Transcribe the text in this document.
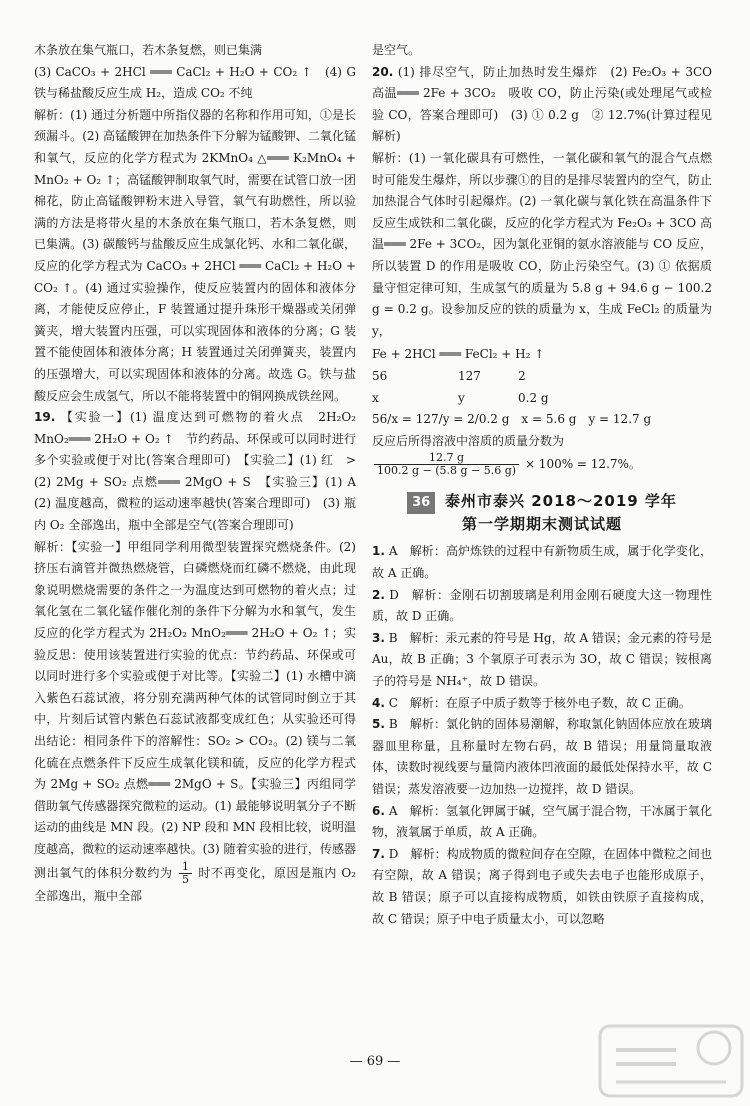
木条放在集气瓶口，若木条复燃，则已集满

(3) CaCO₃ + 2HCl ═══ CaCl₂ + H₂O + CO₂ ↑　(4) G 铁与稀盐酸反应生成 H₂，造成 CO₂ 不纯

解析：(1) 通过分析题中所指仪器的名称和作用可知，①是长颈漏斗。(2) 高锰酸钾在加热条件下分解为锰酸钾、二氧化锰和氧气，反应的化学方程式为 2KMnO₄ △═══ K₂MnO₄ + MnO₂ + O₂ ↑；高锰酸钾制取氧气时，需要在试管口放一团棉花，防止高锰酸钾粉末进入导管，氧气有助燃性，所以验满的方法是将带火星的木条放在集气瓶口，若木条复燃，则已集满。(3) 碳酸钙与盐酸反应生成氯化钙、水和二氧化碳，反应的化学方程式为 CaCO₃ + 2HCl ═══ CaCl₂ + H₂O + CO₂ ↑。(4) 通过实验操作，使反应装置内的固体和液体分离，才能使反应停止，F 装置通过提升珠形干燥器或关闭弹簧夹，增大装置内压强，可以实现固体和液体的分离；G 装置不能使固体和液体分离；H 装置通过关闭弹簧夹，装置内的压强增大，可以实现固体和液体的分离。故选 G。铁与盐酸反应会生成氢气，所以不能将装置中的铜网换成铁丝网。

19. 【实验一】(1) 温度达到可燃物的着火点　2H₂O₂ MnO₂═══ 2H₂O + O₂ ↑　节约药品、环保或可以同时进行多个实验或便于对比(答案合理即可)　【实验二】(1) 红　>　(2) 2Mg + SO₂ 点燃═══ 2MgO + S　【实验三】(1) A　(2) 温度越高，微粒的运动速率越快(答案合理即可)　(3) 瓶内 O₂ 全部逸出，瓶中全部是空气(答案合理即可)

解析：【实验一】甲组同学利用微型装置探究燃烧条件。(2) 挤压右滴管并微热燃烧管，白磷燃烧而红磷不燃烧，由此现象说明燃烧需要的条件之一为温度达到可燃物的着火点；过氧化氢在二氧化锰作催化剂的条件下分解为水和氧气，发生反应的化学方程式为 2H₂O₂ MnO₂═══ 2H₂O + O₂ ↑；实验反思：使用该装置进行实验的优点：节约药品、环保或可以同时进行多个实验或便于对比等。【实验二】(1) 水槽中滴入紫色石蕊试液，将分别充满两种气体的试管同时倒立于其中，片刻后试管内紫色石蕊试液都变成红色；从实验还可得出结论：相同条件下的溶解性：SO₂ > CO₂。(2) 镁与二氧化硫在点燃条件下反应生成氧化镁和硫，反应的化学方程式为 2Mg + SO₂ 点燃═══ 2MgO + S。【实验三】丙组同学借助氧气传感器探究微粒的运动。(1) 最能够说明氧分子不断运动的曲线是 MN 段。(2) NP 段和 MN 段相比较，说明温度越高，微粒的运动速率越快。(3) 随着实验的进行，传感器测出氧气的体积分数约为 $\frac{1}{5}$ 时不再变化，原因是瓶内 O₂ 全部逸出，瓶中全部

是空气。

20. (1) 排尽空气，防止加热时发生爆炸　(2) Fe₂O₃ + 3CO 高温═══ 2Fe + 3CO₂　吸收 CO，防止污染(或处理尾气或检验 CO，答案合理即可)　(3) ① 0.2 g　② 12.7%(计算过程见解析)

解析：(1) 一氧化碳具有可燃性，一氧化碳和氧气的混合气点燃时可能发生爆炸，所以步骤①的目的是排尽装置内的空气，防止加热混合气体时引起爆炸。(2) 一氧化碳与氧化铁在高温条件下反应生成铁和二氧化碳，反应的化学方程式为 Fe₂O₃ + 3CO 高温═══ 2Fe + 3CO₂，因为氯化亚铜的氨水溶液能与 CO 反应，所以装置 D 的作用是吸收 CO，防止污染空气。(3) ① 依据质量守恒定律可知，生成氢气的质量为 5.8 g + 94.6 g − 100.2 g = 0.2 g。设参加反应的铁的质量为 x，生成 FeCl₂ 的质量为 y，

Fe + 2HCl ═══ FeCl₂ + H₂ ↑
56	127	2
x	y	0.2 g

56/x = 127/y = 2/0.2 g　x = 5.6 g　y = 12.7 g

反应后所得溶液中溶质的质量分数为

$\frac{12.7 g}{100.2 g - (5.8 g - 5.6 g)} \times 100\% = 12.7\%$。

36 泰州市泰兴 2018～2019 学年
第一学期期末测试试题

1. A　解析：高炉炼铁的过程中有新物质生成，属于化学变化，故 A 正确。

2. D　解析：金刚石切割玻璃是利用金刚石硬度大这一物理性质，故 D 正确。

3. B　解析：汞元素的符号是 Hg，故 A 错误；金元素的符号是 Au，故 B 正确；3 个氧原子可表示为 3O，故 C 错误；铵根离子的符号是 NH₄⁺，故 D 错误。

4. C　解析：在原子中质子数等于核外电子数，故 C 正确。

5. B　解析：氯化钠的固体易潮解，称取氯化钠固体应放在玻璃器皿里称量，且称量时左物右码，故 B 错误；用量筒量取液体，读数时视线要与量筒内液体凹液面的最低处保持水平，故 C 错误；蒸发溶液要一边加热一边搅拌，故 D 错误。

6. A　解析：氢氧化钾属于碱，空气属于混合物，干冰属于氧化物，液氧属于单质，故 A 正确。

7. D　解析：构成物质的微粒间存在空隙，在固体中微粒之间也有空隙，故 A 错误；离子得到电子或失去电子也能形成原子，故 B 错误；原子可以直接构成物质，如铁由铁原子直接构成，故 C 错误；原子中电子质量太小，可以忽略

— 69 —
